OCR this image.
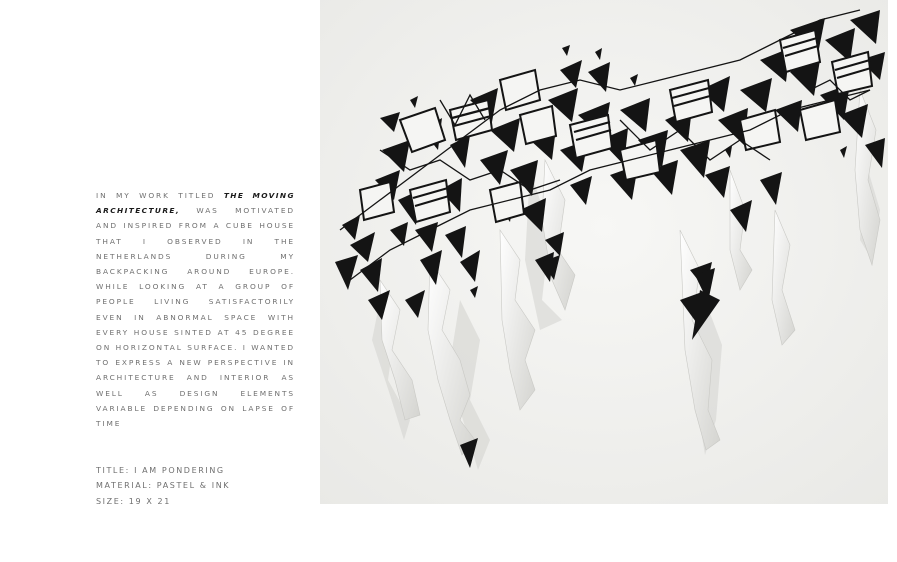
IN MY WORK TITLED THE MOVING ARCHITECTURE, WAS MOTIVATED AND INSPIRED FROM A CUBE HOUSE THAT I OBSERVED IN THE NETHERLANDS DURING MY BACKPACKING AROUND EUROPE. WHILE LOOKING AT A GROUP OF PEOPLE LIVING SATISFACTORILY EVEN IN ABNORMAL SPACE WITH EVERY HOUSE SINTED AT 45 DEGREE ON HORIZONTAL SURFACE. I WANTED TO EXPRESS A NEW PERSPECTIVE IN ARCHITECTURE AND INTERIOR AS WELL AS DESIGN ELEMENTS VARIABLE DEPENDING ON LAPSE OF TIME

TITLE: I AM PONDERING
MATERIAL: PASTEL & INK
SIZE: 19 X 21
